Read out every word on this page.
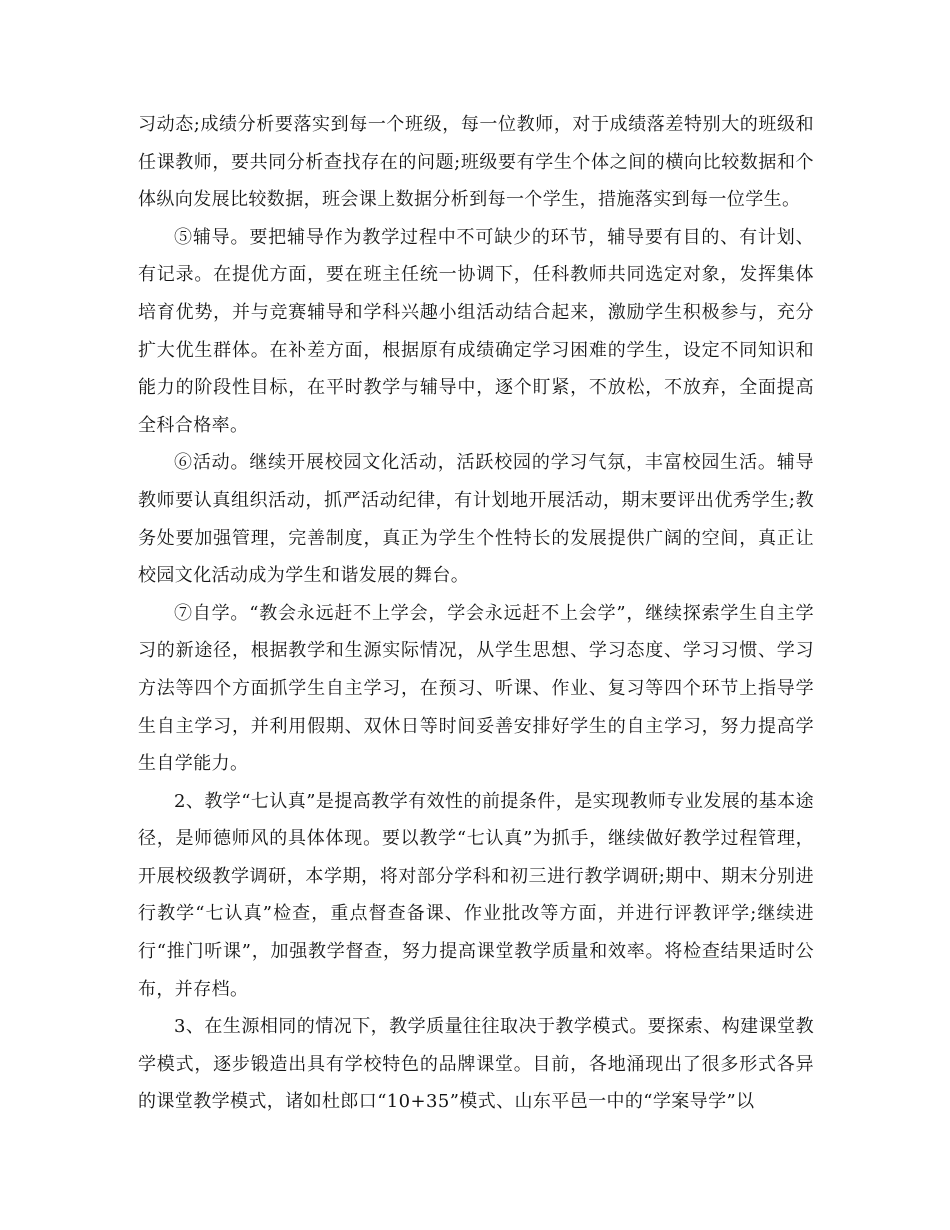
习动态;成绩分析要落实到每一个班级，每一位教师，对于成绩落差特别大的班级和任课教师，要共同分析查找存在的问题;班级要有学生个体之间的横向比较数据和个体纵向发展比较数据，班会课上数据分析到每一个学生，措施落实到每一位学生。

⑤辅导。要把辅导作为教学过程中不可缺少的环节，辅导要有目的、有计划、有记录。在提优方面，要在班主任统一协调下，任科教师共同选定对象，发挥集体培育优势，并与竞赛辅导和学科兴趣小组活动结合起来，激励学生积极参与，充分扩大优生群体。在补差方面，根据原有成绩确定学习困难的学生，设定不同知识和能力的阶段性目标，在平时教学与辅导中，逐个盯紧，不放松，不放弃，全面提高全科合格率。

⑥活动。继续开展校园文化活动，活跃校园的学习气氛，丰富校园生活。辅导教师要认真组织活动，抓严活动纪律，有计划地开展活动，期末要评出优秀学生;教务处要加强管理，完善制度，真正为学生个性特长的发展提供广阔的空间，真正让校园文化活动成为学生和谐发展的舞台。

⑦自学。“教会永远赶不上学会，学会永远赶不上会学”，继续探索学生自主学习的新途径，根据教学和生源实际情况，从学生思想、学习态度、学习习惯、学习方法等四个方面抓学生自主学习，在预习、听课、作业、复习等四个环节上指导学生自主学习，并利用假期、双休日等时间妥善安排好学生的自主学习，努力提高学生自学能力。

2、教学“七认真”是提高教学有效性的前提条件，是实现教师专业发展的基本途径，是师德师风的具体体现。要以教学“七认真”为抓手，继续做好教学过程管理，开展校级教学调研，本学期，将对部分学科和初三进行教学调研;期中、期末分别进行教学“七认真”检查，重点督查备课、作业批改等方面，并进行评教评学;继续进行“推门听课”，加强教学督查，努力提高课堂教学质量和效率。将检查结果适时公布，并存档。

3、在生源相同的情况下，教学质量往往取决于教学模式。要探索、构建课堂教学模式，逐步锻造出具有学校特色的品牌课堂。目前，各地涌现出了很多形式各异的课堂教学模式，诸如杜郎口“10+35”模式、山东平邑一中的“学案导学”以
